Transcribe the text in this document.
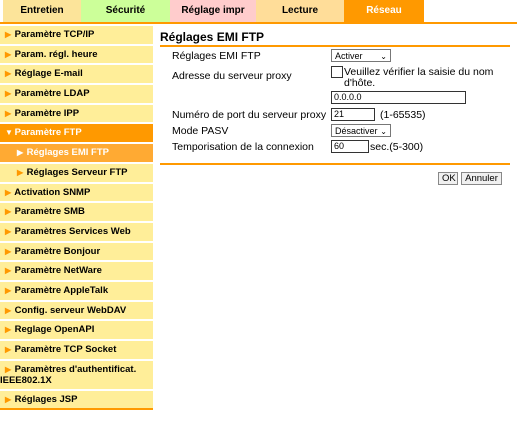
Entretien	Sécurité	Réglage impr	Lecture	Réseau
▶ Paramètre TCP/IP
▶ Param. régl. heure
▶ Réglage E-mail
▶ Paramètre LDAP
▶ Paramètre IPP
▼ Paramètre FTP
▶ Réglages EMI FTP
▶ Réglages Serveur FTP
▶ Activation SNMP
▶ Paramètre SMB
▶ Paramètres Services Web
▶ Paramètre Bonjour
▶ Paramètre NetWare
▶ Paramètre AppleTalk
▶ Config. serveur WebDAV
▶ Reglage OpenAPI
▶ Paramètre TCP Socket
▶ Paramètres d'authentificat.
IEEE802.1X
▶ Réglages JSP
Réglages EMI FTP
Réglages EMI FTP	Activer ⌄
Adresse du serveur proxy	Veuillez vérifier la saisie du nom d'hôte.
0.0.0.0
Numéro de port du serveur proxy 21	(1-65535)
Mode PASV	Désactiver ⌄
Temporisation de la connexion	60	sec.(5-300)
OK Annuler
